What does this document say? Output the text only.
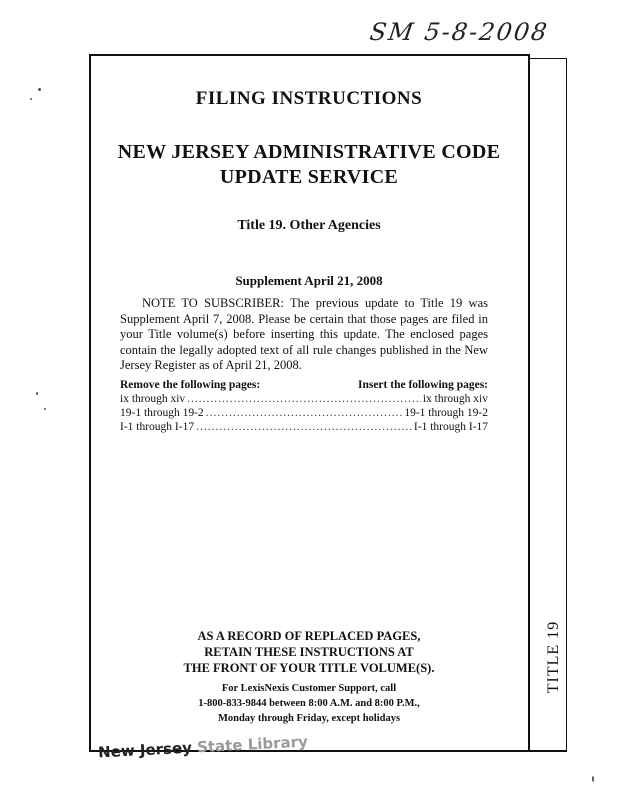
SM 5-8-2008
FILING INSTRUCTIONS
NEW JERSEY ADMINISTRATIVE CODE
UPDATE SERVICE
Title 19. Other Agencies
Supplement April 21, 2008
NOTE TO SUBSCRIBER: The previous update to Title 19 was Supplement April 7, 2008. Please be certain that those pages are filed in your Title volume(s) before inserting this update. The enclosed pages contain the legally adopted text of all rule changes published in the New Jersey Register as of April 21, 2008.
Remove the following pages:	Insert the following pages:
ix through xiv .....	ix through xiv
19-1 through 19-2 .....	19-1 through 19-2
I-1 through I-17 .....	I-1 through I-17
AS A RECORD OF REPLACED PAGES,
RETAIN THESE INSTRUCTIONS AT
THE FRONT OF YOUR TITLE VOLUME(S).
For LexisNexis Customer Support, call
1-800-833-9844 between 8:00 A.M. and 8:00 P.M.,
Monday through Friday, except holidays
TITLE 19
New Jersey State Library
